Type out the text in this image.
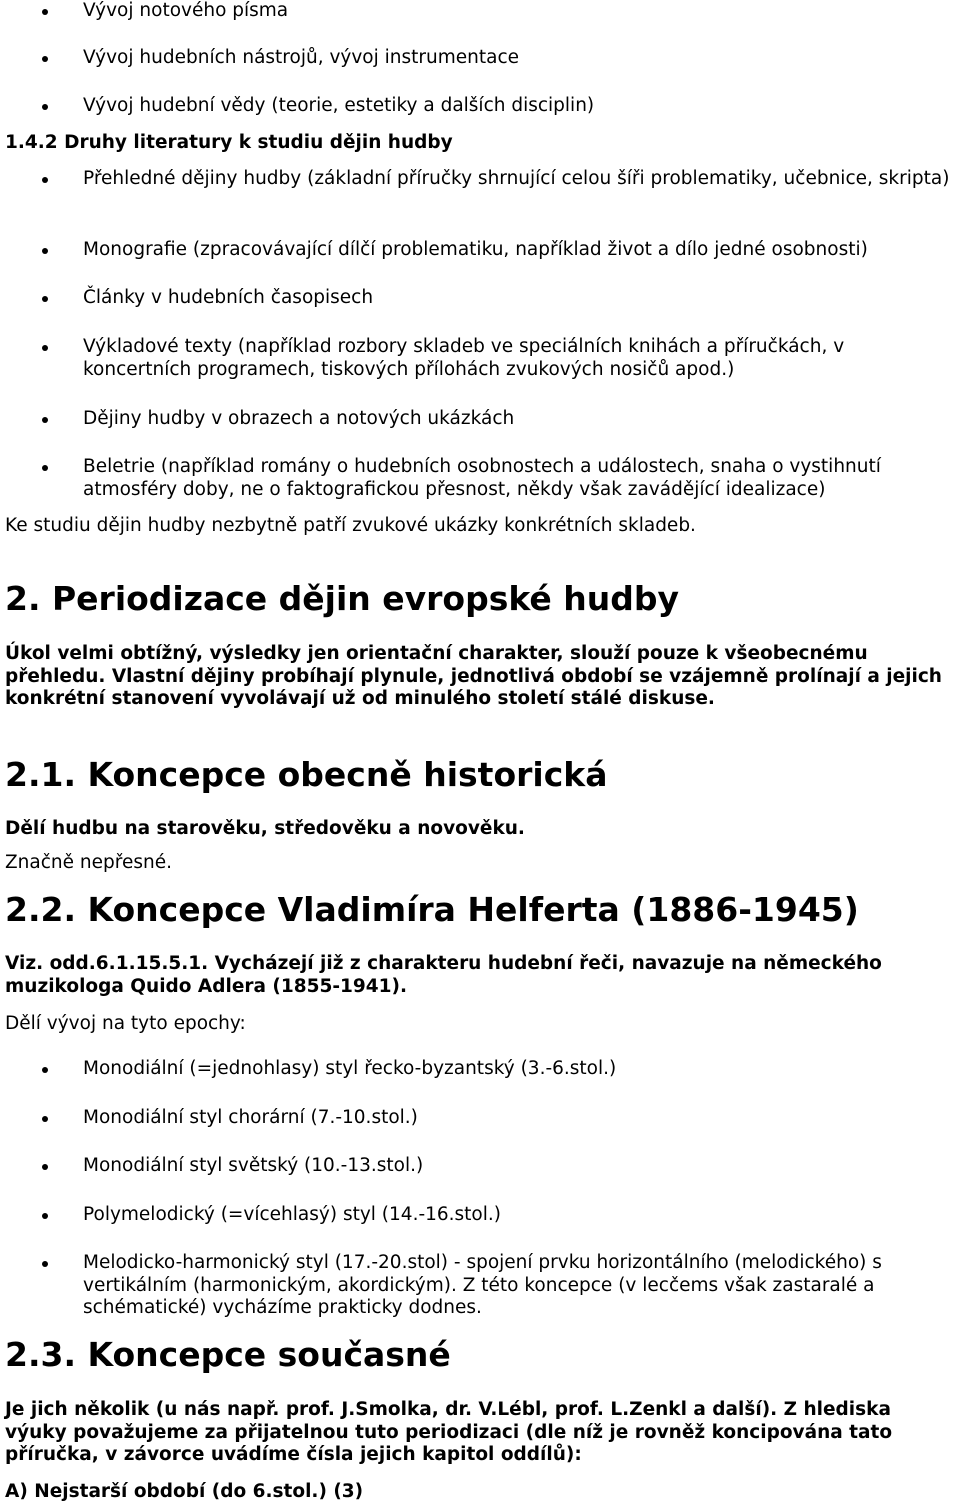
Vývoj notového písma
Vývoj hudebních nástrojů, vývoj instrumentace
Vývoj hudební vědy (teorie, estetiky a dalších disciplin)
1.4.2 Druhy literatury k studiu dějin hudby
Přehledné dějiny hudby (základní příručky shrnující celou šíři problematiky, učebnice, skripta)
Monografie (zpracovávající dílčí problematiku, například život a dílo jedné osobnosti)
Články v hudebních časopisech
Výkladové texty (například rozbory skladeb ve speciálních knihách a příručkách, v koncertních programech, tiskových přílohách zvukových nosičů apod.)
Dějiny hudby v obrazech a notových ukázkách
Beletrie (například romány o hudebních osobnostech a událostech, snaha o vystihnutí atmosféry doby, ne o faktografickou přesnost, někdy však zavádějící idealizace)
Ke studiu dějin hudby nezbytně patří zvukové ukázky konkrétních skladeb.
2. Periodizace dějin evropské hudby
Úkol velmi obtížný, výsledky jen orientační charakter, slouží pouze k všeobecnému přehledu. Vlastní dějiny probíhají plynule, jednotlivá období se vzájemně prolínají a jejich konkrétní stanovení vyvolávají už od minulého století stálé diskuse.
2.1. Koncepce obecně historická
Dělí hudbu na starověku, středověku a novověku.
Značně nepřesné.
2.2. Koncepce Vladimíra Helferta (1886-1945)
Viz. odd.6.1.15.5.1. Vycházejí již z charakteru hudební řeči, navazuje na německého muzikologa Quido Adlera (1855-1941).
Dělí vývoj na tyto epochy:
Monodiální (=jednohlasy) styl řecko-byzantský (3.-6.stol.)
Monodiální styl chorární (7.-10.stol.)
Monodiální styl světský (10.-13.stol.)
Polymelodický (=vícehlasý) styl (14.-16.stol.)
Melodicko-harmonický styl (17.-20.stol) - spojení prvku horizontálního (melodického) s vertikálním (harmonickým, akordickým). Z této koncepce (v lecčems však zastaralé a schématické) vycházíme prakticky dodnes.
2.3. Koncepce současné
Je jich několik (u nás např. prof. J.Smolka, dr. V.Lébl, prof. L.Zenkl a další). Z hlediska výuky považujeme za přijatelnou tuto periodizaci (dle níž je rovněž koncipována tato příručka, v závorce uvádíme čísla jejich kapitol oddílů):
A) Nejstarší období (do 6.stol.) (3)
